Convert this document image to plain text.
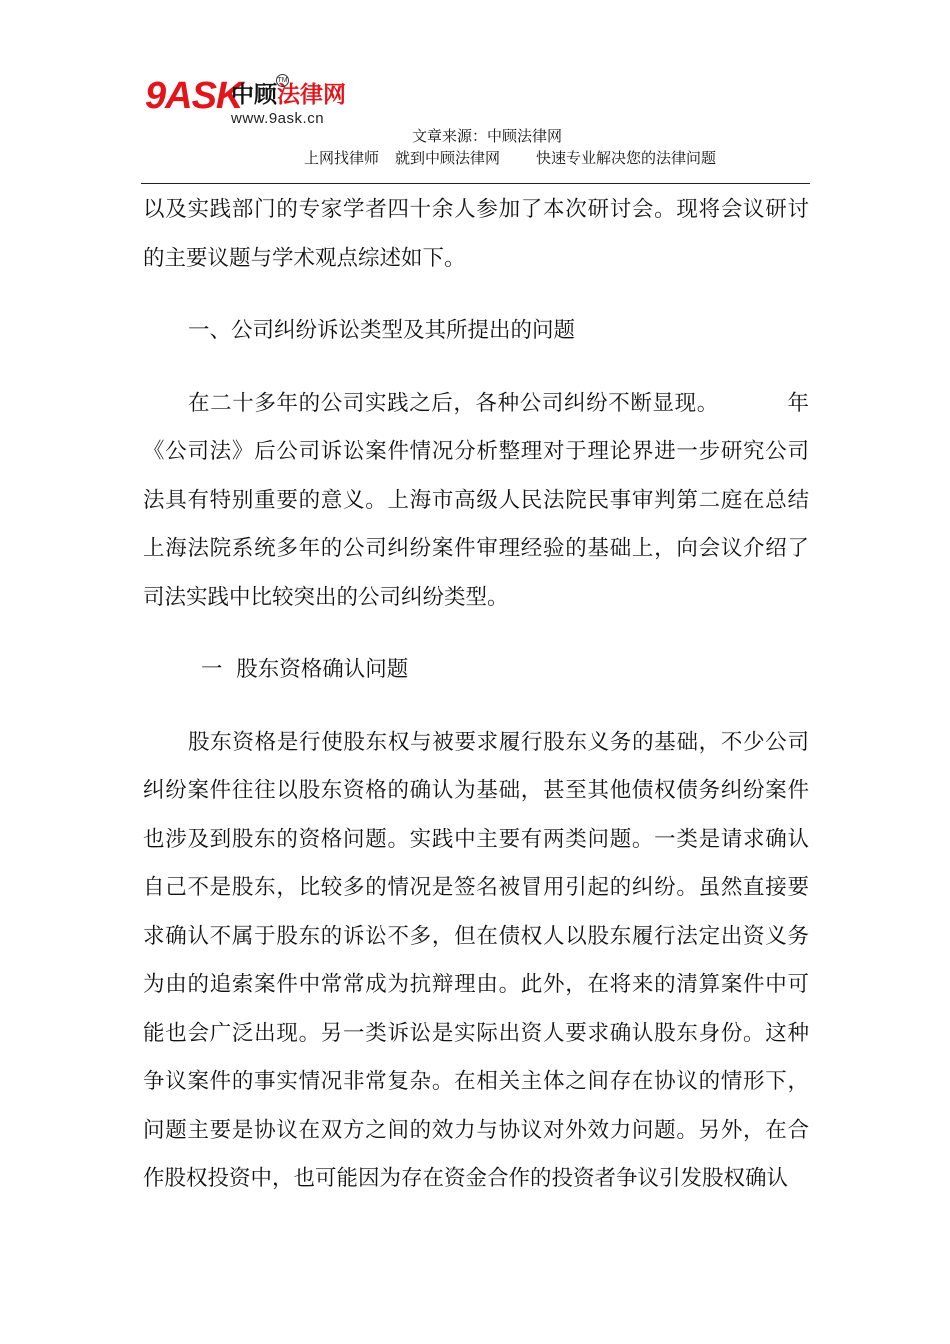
9ASK
中顾法律网
TM
www.9ask.cn
文章来源：中顾法律网
上网找律师 就到中顾法律网 快速专业解决您的法律问题

以及实践部门的专家学者四十余人参加了本次研讨会。现将会议研讨的主要议题与学术观点综述如下。

一、公司纠纷诉讼类型及其所提出的问题

在二十多年的公司实践之后，各种公司纠纷不断显现。	年《公司法》后公司诉讼案件情况分析整理对于理论界进一步研究公司法具有特别重要的意义。上海市高级人民法院民事审判第二庭在总结上海法院系统多年的公司纠纷案件审理经验的基础上，向会议介绍了司法实践中比较突出的公司纠纷类型。

一 股东资格确认问题

股东资格是行使股东权与被要求履行股东义务的基础，不少公司纠纷案件往往以股东资格的确认为基础，甚至其他债权债务纠纷案件也涉及到股东的资格问题。实践中主要有两类问题。一类是请求确认自己不是股东，比较多的情况是签名被冒用引起的纠纷。虽然直接要求确认不属于股东的诉讼不多，但在债权人以股东履行法定出资义务为由的追索案件中常常成为抗辩理由。此外，在将来的清算案件中可能也会广泛出现。另一类诉讼是实际出资人要求确认股东身份。这种争议案件的事实情况非常复杂。在相关主体之间存在协议的情形下，问题主要是协议在双方之间的效力与协议对外效力问题。另外，在合作股权投资中，也可能因为存在资金合作的投资者争议引发股权确认
